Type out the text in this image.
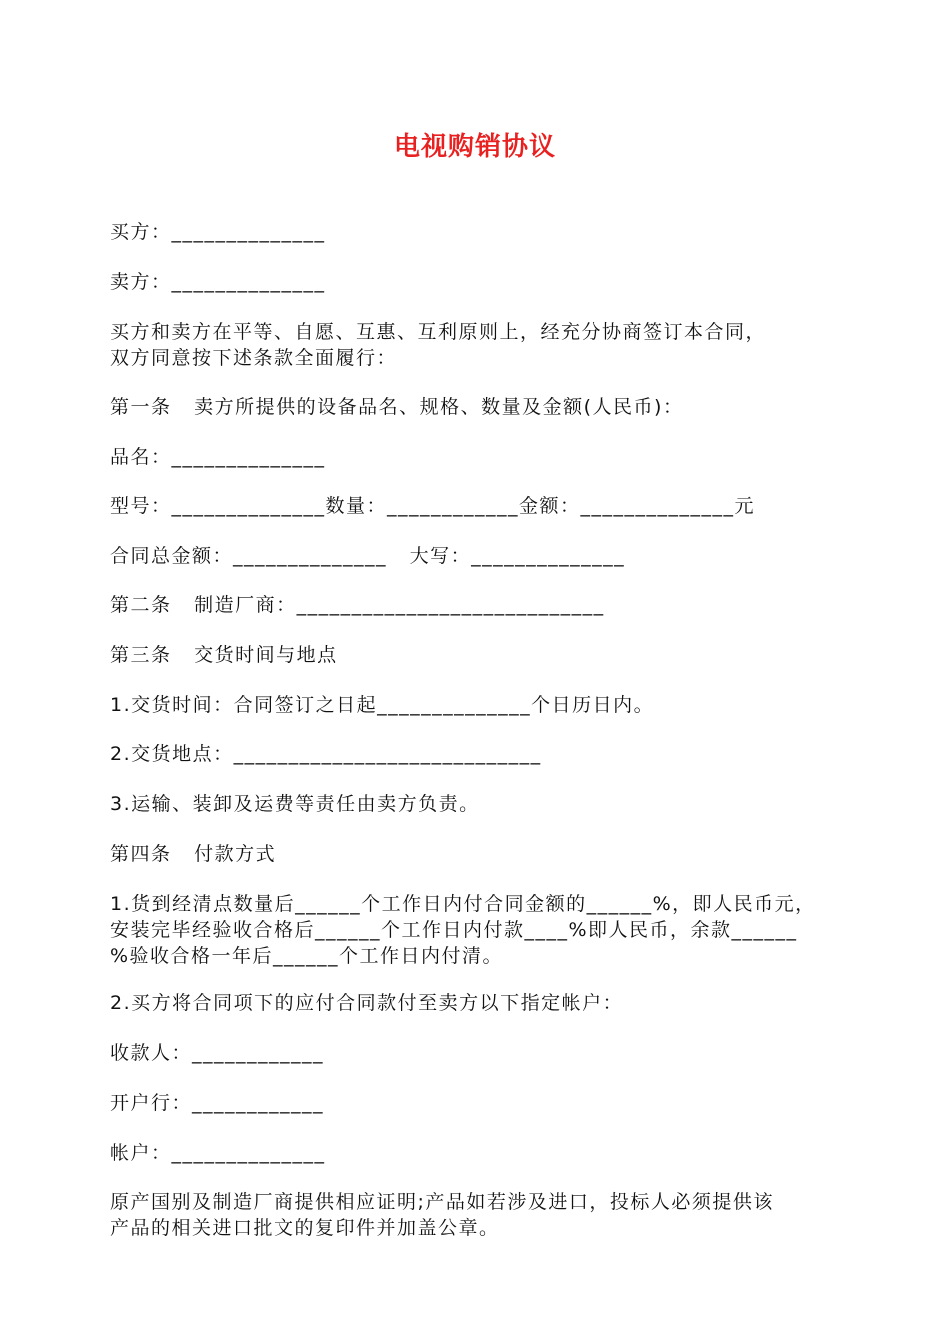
电视购销协议
买方：______________
卖方：______________
买方和卖方在平等、自愿、互惠、互利原则上，经充分协商签订本合同，
双方同意按下述条款全面履行：
第一条   卖方所提供的设备品名、规格、数量及金额(人民币)：
品名：______________
型号：______________数量：____________金额：______________元
合同总金额：______________   大写：______________
第二条   制造厂商：____________________________
第三条   交货时间与地点
1.交货时间：合同签订之日起______________个日历日内。
2.交货地点：____________________________
3.运输、装卸及运费等责任由卖方负责。
第四条   付款方式
1.货到经清点数量后______个工作日内付合同金额的______%，即人民币元，
安装完毕经验收合格后______个工作日内付款____%即人民币，余款______
%验收合格一年后______个工作日内付清。
2.买方将合同项下的应付合同款付至卖方以下指定帐户：
收款人：____________
开户行：____________
帐户：______________
原产国别及制造厂商提供相应证明;产品如若涉及进口，投标人必须提供该
产品的相关进口批文的复印件并加盖公章。
